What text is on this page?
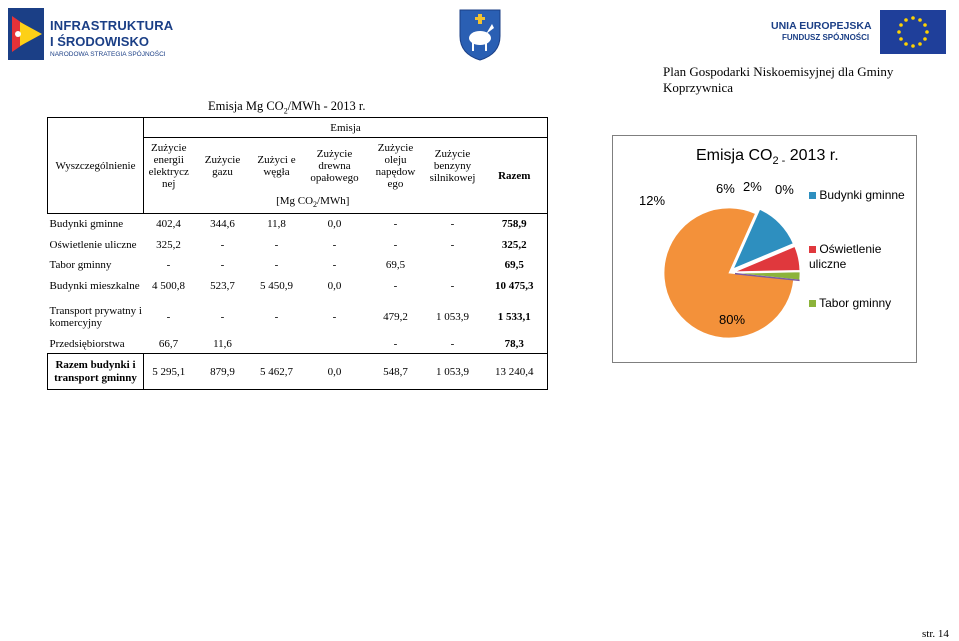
INFRASTRUKTURA
I ŚRODOWISKO
NARODOWA STRATEGIA SPÓJNOŚCI
UNIA EUROPEJSKA
FUNDUSZ SPÓJNOŚCI
Plan Gospodarki Niskoemisyjnej dla Gminy Koprzywnica
Emisja Mg $CO_2$/MWh - 2013 r.
Wyszczególnienie	Emisja						
	Zużycie energii elektrycz nej	Zużycie gazu	Zużyci e węgła	Zużycie drewna opałowego	Zużycie oleju napędow ego	Zużycie benzyny silnikowej	Razem
	[Mg $CO_2/MWh$]						
Budynki gminne	402,4	344,6	11,8	0,0	-	-	758,9
Oświetlenie uliczne	325,2	-	-	-	-	-	325,2
Tabor gminny	-	-	-	-	69,5		69,5
Budynki mieszkalne	4 500,8	523,7	5 450,9	0,0	-	-	10 475,3
Transport prywatny i komercyjny	-	-	-	-	479,2	1 053,9	1 533,1
Przedsiębiorstwa	66,7	11,6			-	-	78,3
Razem budynki i transport gminny	5 295,1	879,9	5 462,7	0,0	548,7	1 053,9	13 240,4
Emisja $CO_{2 -}$ 2013 r.
12%
6% 2% 0%
80%
Budynki gminne
Oświetlenie uliczne
Tabor gminny
str. 14
